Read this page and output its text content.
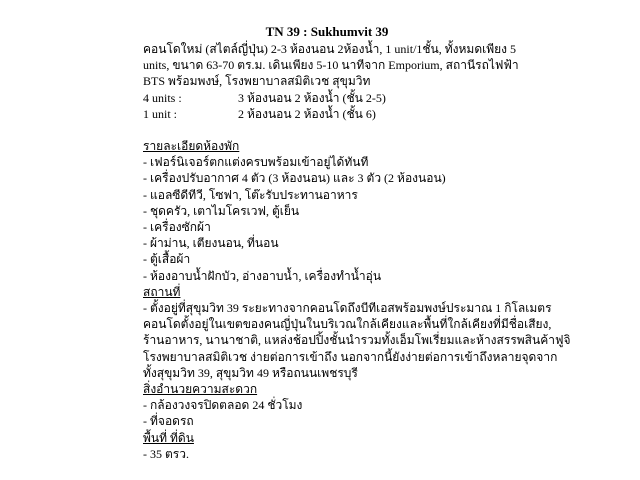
TN 39 : Sukhumvit 39
คอนโดใหม่ (สไตล์ญี่ปุ่น) 2-3 ห้องนอน 2ห้องน้ำ, 1 unit/1ชั้น, ทั้งหมดเพียง 5
units, ขนาด 63-70 ตร.ม. เดินเพียง 5-10 นาทีจาก Emporium, สถานีรถไฟฟ้า
BTS พร้อมพงษ์, โรงพยาบาลสมิติเวช สุขุมวิท
4 units :	3 ห้องนอน 2 ห้องน้ำ (ชั้น 2-5)
1 unit :	2 ห้องนอน 2 ห้องน้ำ (ชั้น 6)
รายละเอียดห้องพัก
- เฟอร์นิเจอร์ตกแต่งครบพร้อมเข้าอยู่ได้ทันที
- เครื่องปรับอากาศ 4 ตัว (3 ห้องนอน) และ 3 ตัว (2 ห้องนอน)
- แอลซีดีทีวี, โซฟา, โต๊ะรับประทานอาหาร
- ชุดครัว, เตาไมโครเวฟ, ตู้เย็น
- เครื่องซักผ้า
- ผ้าม่าน, เตียงนอน, ที่นอน
- ตู้เสื้อผ้า
- ห้องอาบน้ำฝักบัว, อ่างอาบน้ำ, เครื่องทำน้ำอุ่น
สถานที่
- ตั้งอยู่ที่สุขุมวิท 39 ระยะทางจากคอนโดถึงบีทีเอสพร้อมพงษ์ประมาณ 1 กิโลเมตร
คอนโดตั้งอยู่ในเขตของคนญี่ปุ่นในบริเวณใกล้เคียงและพื้นที่ใกล้เคียงที่มีชื่อเสียง,
ร้านอาหาร, นานาชาติ, แหล่งช้อปปิ้งชั้นนำรวมทั้งเอ็มโพเรี่ยมและห้างสรรพสินค้าฟูจิ
โรงพยาบาลสมิติเวช ง่ายต่อการเข้าถึง นอกจากนี้ยังง่ายต่อการเข้าถึงหลายจุดจาก
ทั้งสุขุมวิท 39, สุขุมวิท 49 หรือถนนเพชรบุรี
สิ่งอำนวยความสะดวก
- กล้องวงจรปิดตลอด 24 ชั่วโมง
- ที่จอดรถ
พื้นที่ ที่ดิน
- 35 ตรว.
